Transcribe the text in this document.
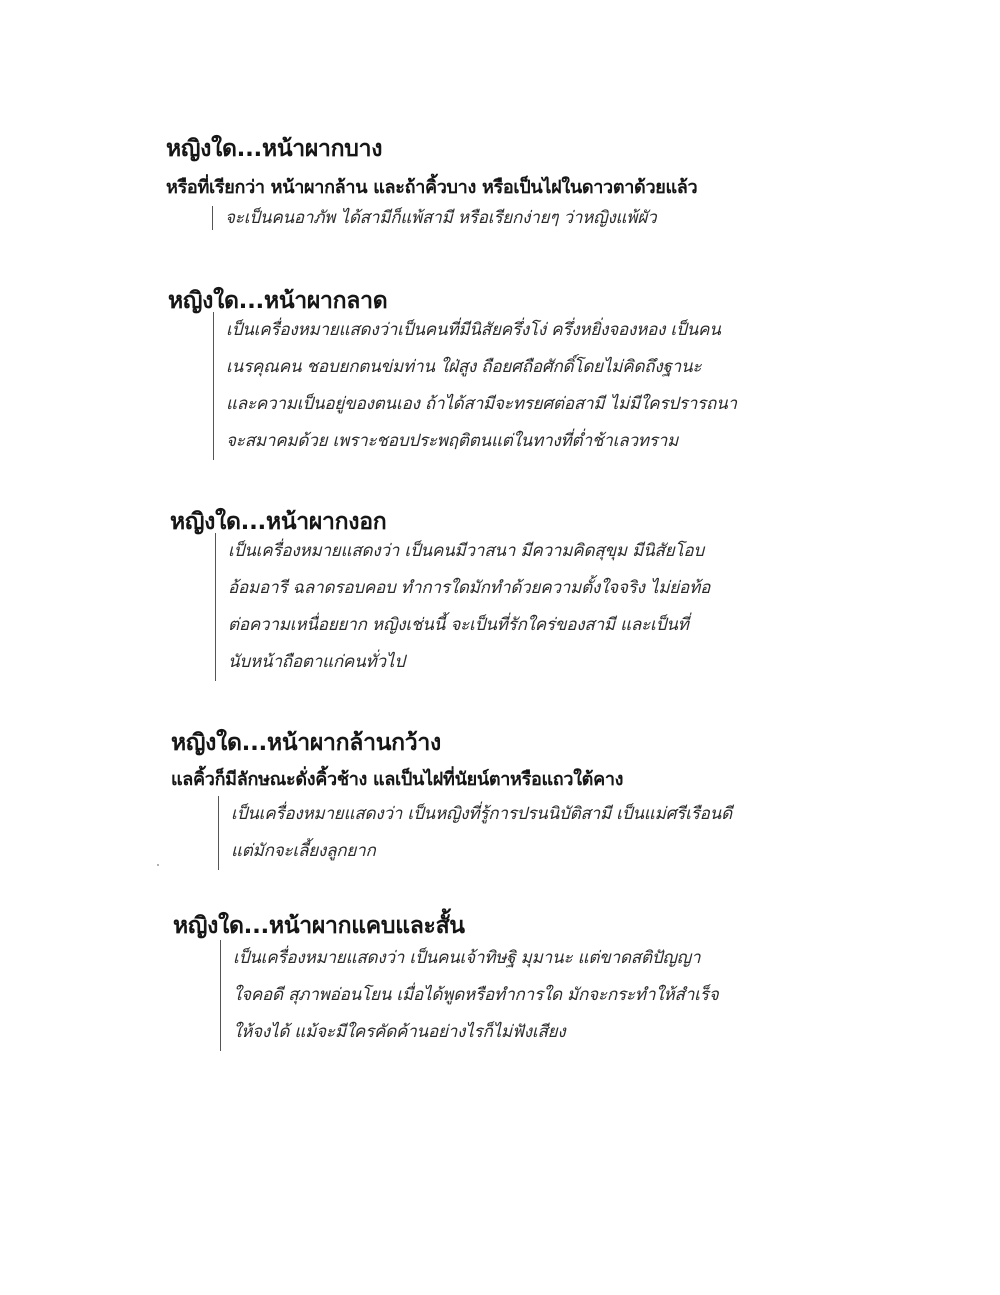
หญิงใด...หน้าผากบาง
หรือที่เรียกว่า หน้าผากล้าน และถ้าคิ้วบาง หรือเป็นไฝในดาวตาด้วยแล้ว
จะเป็นคนอาภัพ ได้สามีก็แพ้สามี หรือเรียกง่ายๆ ว่าหญิงแพ้ผัว
หญิงใด...หน้าผากลาด
เป็นเครื่องหมายแสดงว่าเป็นคนที่มีนิสัยครึ่งโง่ ครึ่งหยิ่งจองหอง เป็นคน
เนรคุณคน ชอบยกตนข่มท่าน ใฝ่สูง ถือยศถือศักดิ์โดยไม่คิดถึงฐานะ
และความเป็นอยู่ของตนเอง ถ้าได้สามีจะทรยศต่อสามี ไม่มีใครปรารถนา
จะสมาคมด้วย เพราะชอบประพฤติตนแต่ในทางที่ต่ำช้าเลวทราม
หญิงใด...หน้าผากงอก
เป็นเครื่องหมายแสดงว่า เป็นคนมีวาสนา มีความคิดสุขุม มีนิสัยโอบ
อ้อมอารี ฉลาดรอบคอบ ทำการใดมักทำด้วยความตั้งใจจริง ไม่ย่อท้อ
ต่อความเหนื่อยยาก หญิงเช่นนี้ จะเป็นที่รักใคร่ของสามี และเป็นที่
นับหน้าถือตาแก่คนทั่วไป
หญิงใด...หน้าผากล้านกว้าง
แลคิ้วก็มีลักษณะดั่งคิ้วช้าง แลเป็นไฝที่นัยน์ตาหรือแถวใต้คาง
เป็นเครื่องหมายแสดงว่า เป็นหญิงที่รู้การปรนนิบัติสามี เป็นแม่ศรีเรือนดี
แต่มักจะเลี้ยงลูกยาก
หญิงใด...หน้าผากแคบและสั้น
เป็นเครื่องหมายแสดงว่า เป็นคนเจ้าทิษฐิ มุมานะ แต่ขาดสติปัญญา
ใจคอดี สุภาพอ่อนโยน เมื่อได้พูดหรือทำการใด มักจะกระทำให้สำเร็จ
ให้จงได้ แม้จะมีใครคัดค้านอย่างไรก็ไม่ฟังเสียง
